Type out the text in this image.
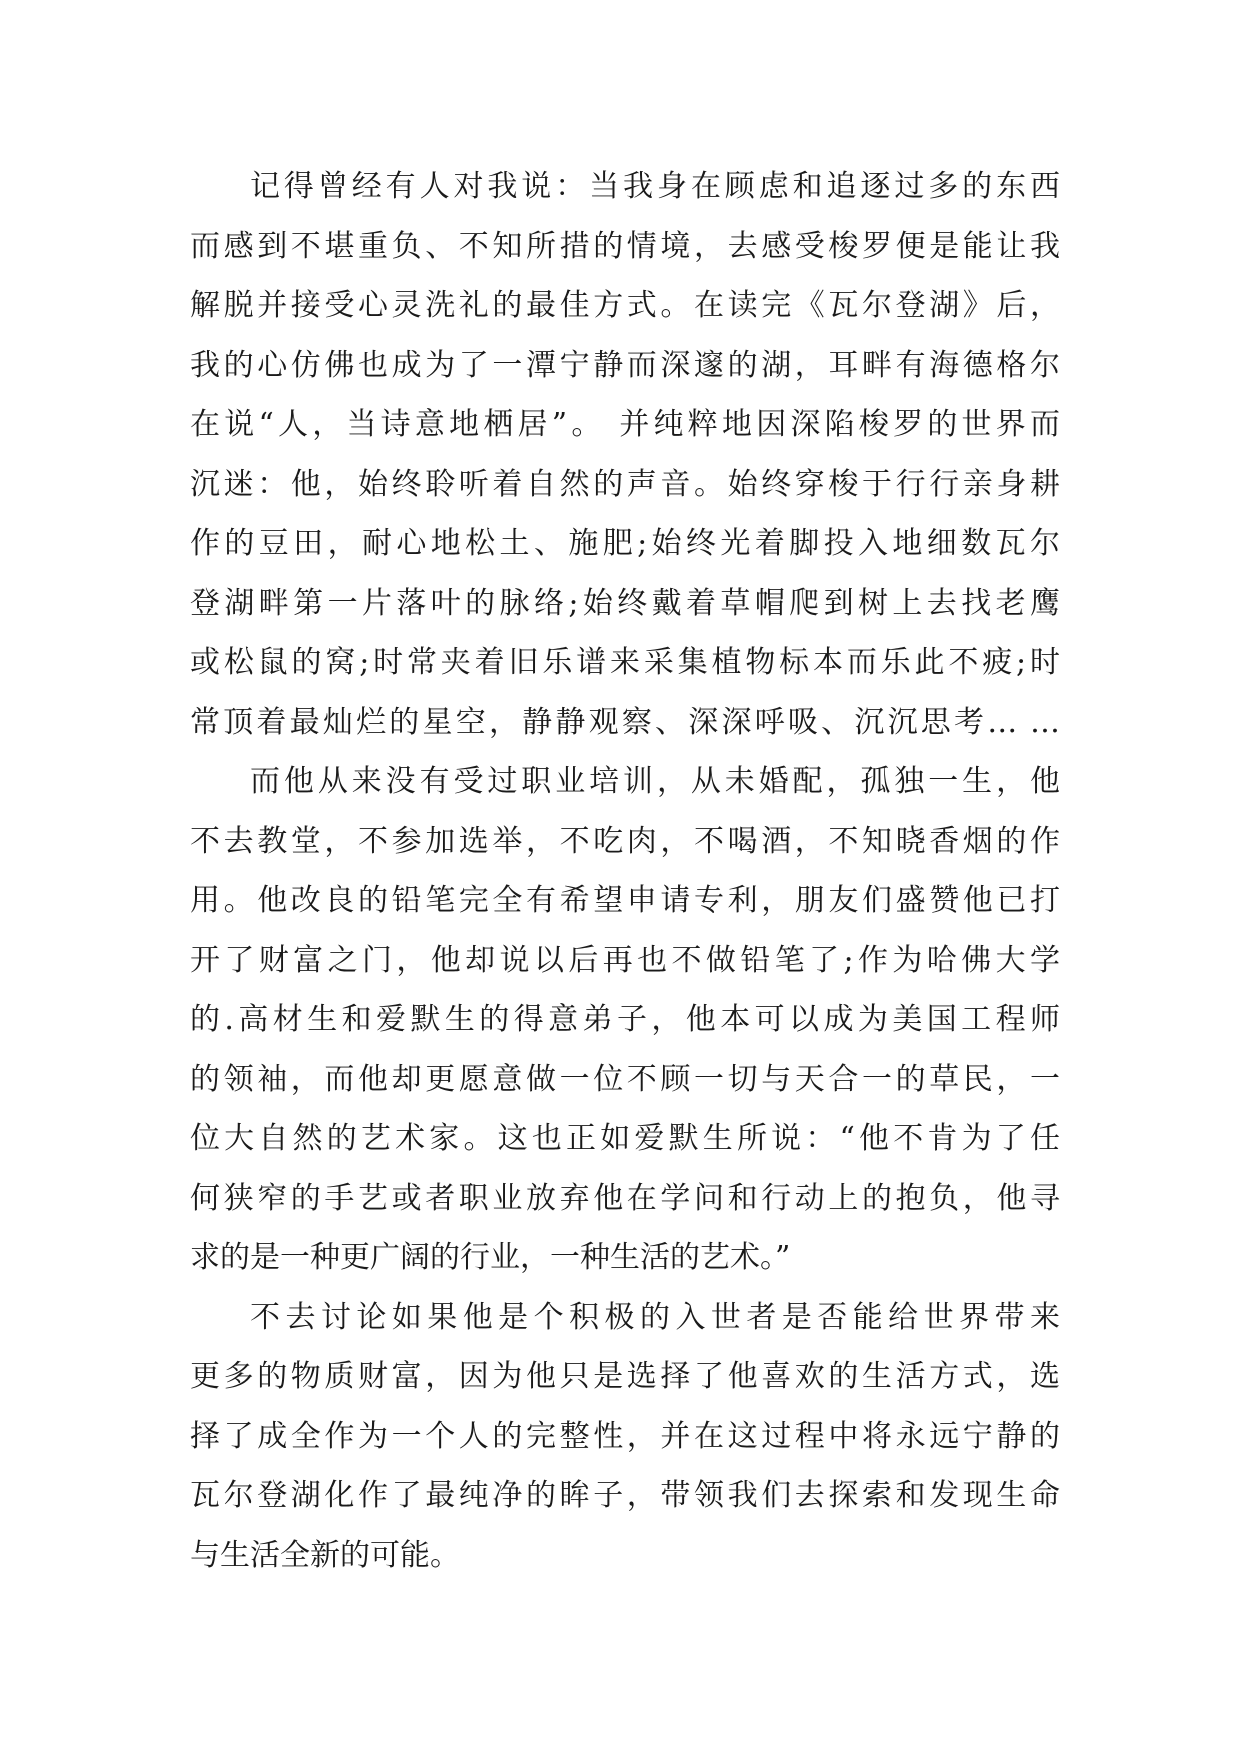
记得曾经有人对我说：当我身在顾虑和追逐过多的东西
而感到不堪重负、不知所措的情境，去感受梭罗便是能让我
解脱并接受心灵洗礼的最佳方式。在读完《瓦尔登湖》后，
我的心仿佛也成为了一潭宁静而深邃的湖，耳畔有海德格尔
在说“人，当诗意地栖居”。 并纯粹地因深陷梭罗的世界而
沉迷：他，始终聆听着自然的声音。始终穿梭于行行亲身耕
作的豆田，耐心地松土、施肥;始终光着脚投入地细数瓦尔
登湖畔第一片落叶的脉络;始终戴着草帽爬到树上去找老鹰
或松鼠的窝;时常夹着旧乐谱来采集植物标本而乐此不疲;时
常顶着最灿烂的星空，静静观察、深深呼吸、沉沉思考… …
而他从来没有受过职业培训，从未婚配，孤独一生，他
不去教堂，不参加选举，不吃肉，不喝酒，不知晓香烟的作
用。他改良的铅笔完全有希望申请专利，朋友们盛赞他已打
开了财富之门，他却说以后再也不做铅笔了;作为哈佛大学
的.高材生和爱默生的得意弟子，他本可以成为美国工程师
的领袖，而他却更愿意做一位不顾一切与天合一的草民，一
位大自然的艺术家。这也正如爱默生所说：“他不肯为了任
何狭窄的手艺或者职业放弃他在学问和行动上的抱负，他寻
求的是一种更广阔的行业，一种生活的艺术。”
不去讨论如果他是个积极的入世者是否能给世界带来
更多的物质财富，因为他只是选择了他喜欢的生活方式，选
择了成全作为一个人的完整性，并在这过程中将永远宁静的
瓦尔登湖化作了最纯净的眸子，带领我们去探索和发现生命
与生活全新的可能。
